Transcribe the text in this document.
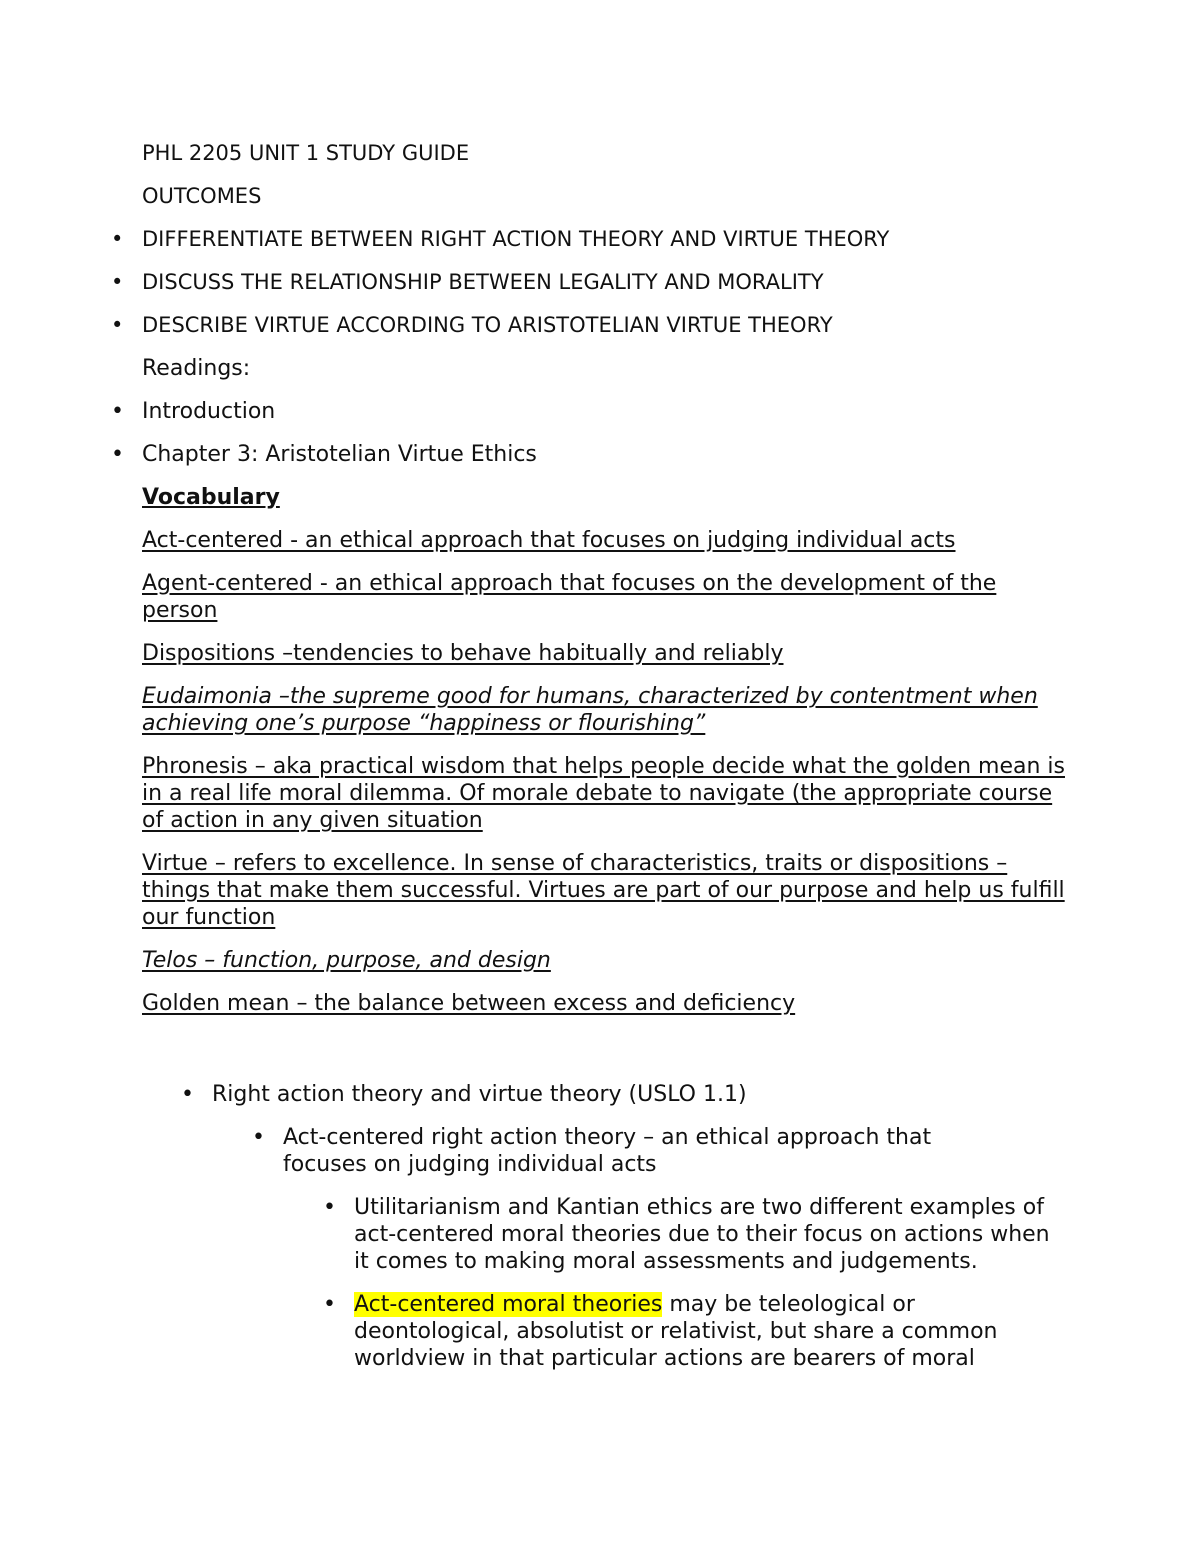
PHL 2205 UNIT 1 STUDY GUIDE

OUTCOMES

• DIFFERENTIATE BETWEEN RIGHT ACTION THEORY AND VIRTUE THEORY
• DISCUSS THE RELATIONSHIP BETWEEN LEGALITY AND MORALITY
• DESCRIBE VIRTUE ACCORDING TO ARISTOTELIAN VIRTUE THEORY

Readings:

• Introduction
• Chapter 3: Aristotelian Virtue Ethics

Vocabulary

Act-centered - an ethical approach that focuses on judging individual acts

Agent-centered - an ethical approach that focuses on the development of the person

Dispositions –tendencies to behave habitually and reliably

Eudaimonia –the supreme good for humans, characterized by contentment when achieving one’s purpose “happiness or flourishing”

Phronesis – aka practical wisdom that helps people decide what the golden mean is in a real life moral dilemma. Of morale debate to navigate (the appropriate course of action in any given situation

Virtue – refers to excellence. In sense of characteristics, traits or dispositions – things that make them successful. Virtues are part of our purpose and help us fulfill our function

Telos – function, purpose, and design

Golden mean – the balance between excess and deficiency

• Right action theory and virtue theory (USLO 1.1)
• Act-centered right action theory – an ethical approach that focuses on judging individual acts
• Utilitarianism and Kantian ethics are two different examples of act-centered moral theories due to their focus on actions when it comes to making moral assessments and judgements.
• Act-centered moral theories may be teleological or deontological, absolutist or relativist, but share a common worldview in that particular actions are bearers of moral
